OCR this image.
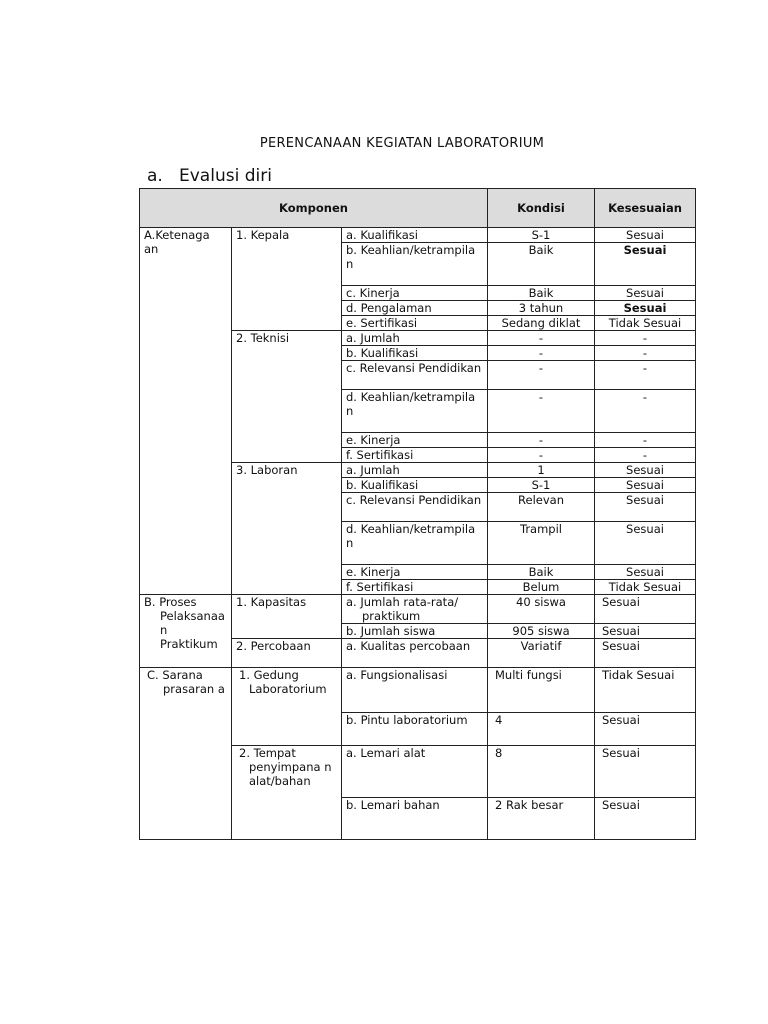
PERENCANAAN KEGIATAN LABORATORIUM
a. Evalusi diri
Komponen			Kondisi	Kesesuaian
A.Ketenaga an	1. Kepala	a. Kualifikasi	S-1	Sesuai
		b. Keahlian/ketrampila n	Baik	Sesuai
		c. Kinerja	Baik	Sesuai
		d. Pengalaman	3 tahun	Sesuai
		e. Sertifikasi	Sedang diklat	Tidak Sesuai
	2. Teknisi	a. Jumlah	-	-
		b. Kualifikasi	-	-
		c. Relevansi Pendidikan	-	-
		d. Keahlian/ketrampila n	-	-
		e. Kinerja	-	-
		f. Sertifikasi	-	-
	3. Laboran	a. Jumlah	1	Sesuai
		b. Kualifikasi	S-1	Sesuai
		c. Relevansi Pendidikan	Relevan	Sesuai
		d. Keahlian/ketrampila n	Trampil	Sesuai
		e. Kinerja	Baik	Sesuai
		f. Sertifikasi	Belum	Tidak Sesuai

B. Proses Pelaksanaa n Praktikum	1. Kapasitas	a. Jumlah rata-rata/ praktikum	40 siswa	Sesuai
		b. Jumlah siswa	905 siswa	Sesuai
	2. Percobaan	a. Kualitas percobaan	Variatif	Sesuai

C. Sarana prasaran a	1. Gedung Laboratorium	a. Fungsionalisasi	Multi fungsi	Tidak Sesuai
		b. Pintu laboratorium	4	Sesuai

	2. Tempat penyimpana n alat/bahan	a. Lemari alat	8	Sesuai
		b. Lemari bahan	2 Rak besar	Sesuai
